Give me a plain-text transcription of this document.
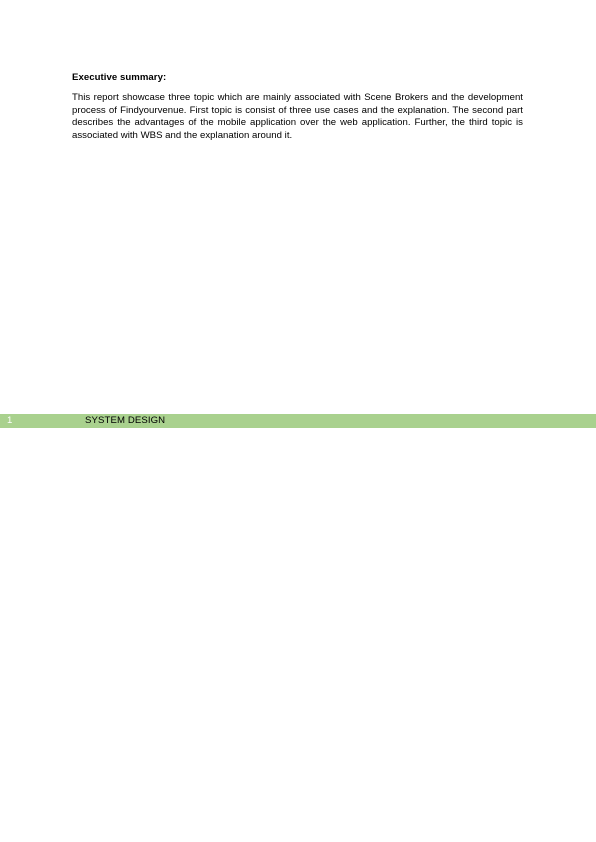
Executive summary:

This report showcase three topic which are mainly associated with Scene Brokers and the development process of Findyourvenue. First topic is consist of three use cases and the explanation. The second part describes the advantages of the mobile application over the web application. Further, the third topic is associated with WBS and the explanation around it.

1	SYSTEM DESIGN
